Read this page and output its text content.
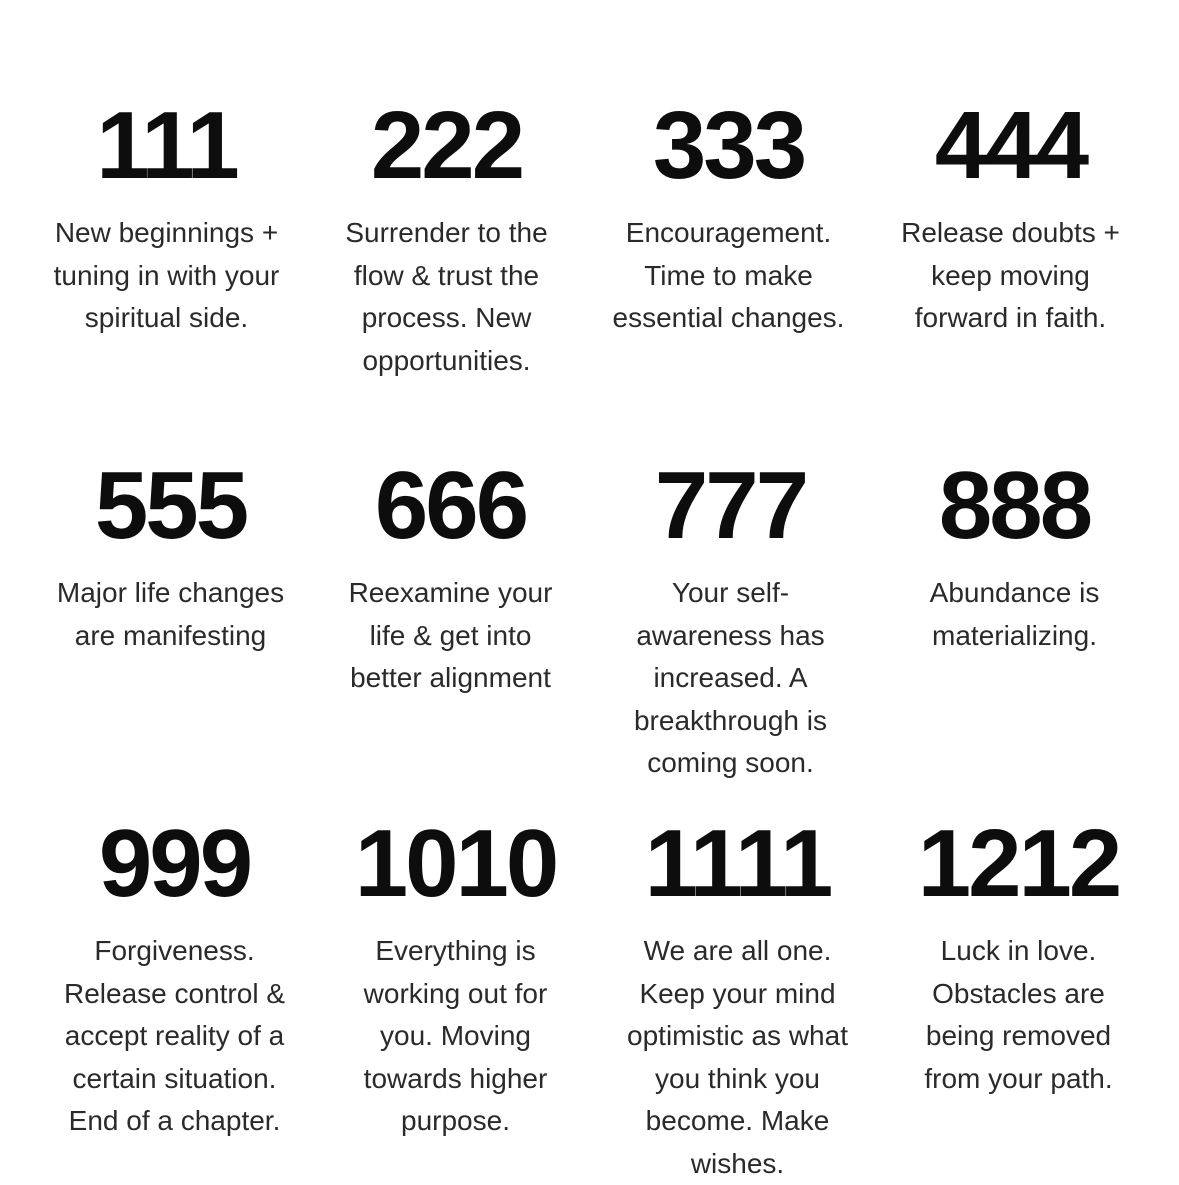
111
New beginnings +
tuning in with your
spiritual side.
222
Surrender to the
flow & trust the
process. New
opportunities.
333
Encouragement.
Time to make
essential changes.
444
Release doubts +
keep moving
forward in faith.
555
Major life changes
are manifesting
666
Reexamine your
life & get into
better alignment
777
Your self-
awareness has
increased. A
breakthrough is
coming soon.
888
Abundance is
materializing.
999
Forgiveness.
Release control &
accept reality of a
certain situation.
End of a chapter.
1010
Everything is
working out for
you. Moving
towards higher
purpose.
1111
We are all one.
Keep your mind
optimistic as what
you think you
become. Make
wishes.
1212
Luck in love.
Obstacles are
being removed
from your path.
